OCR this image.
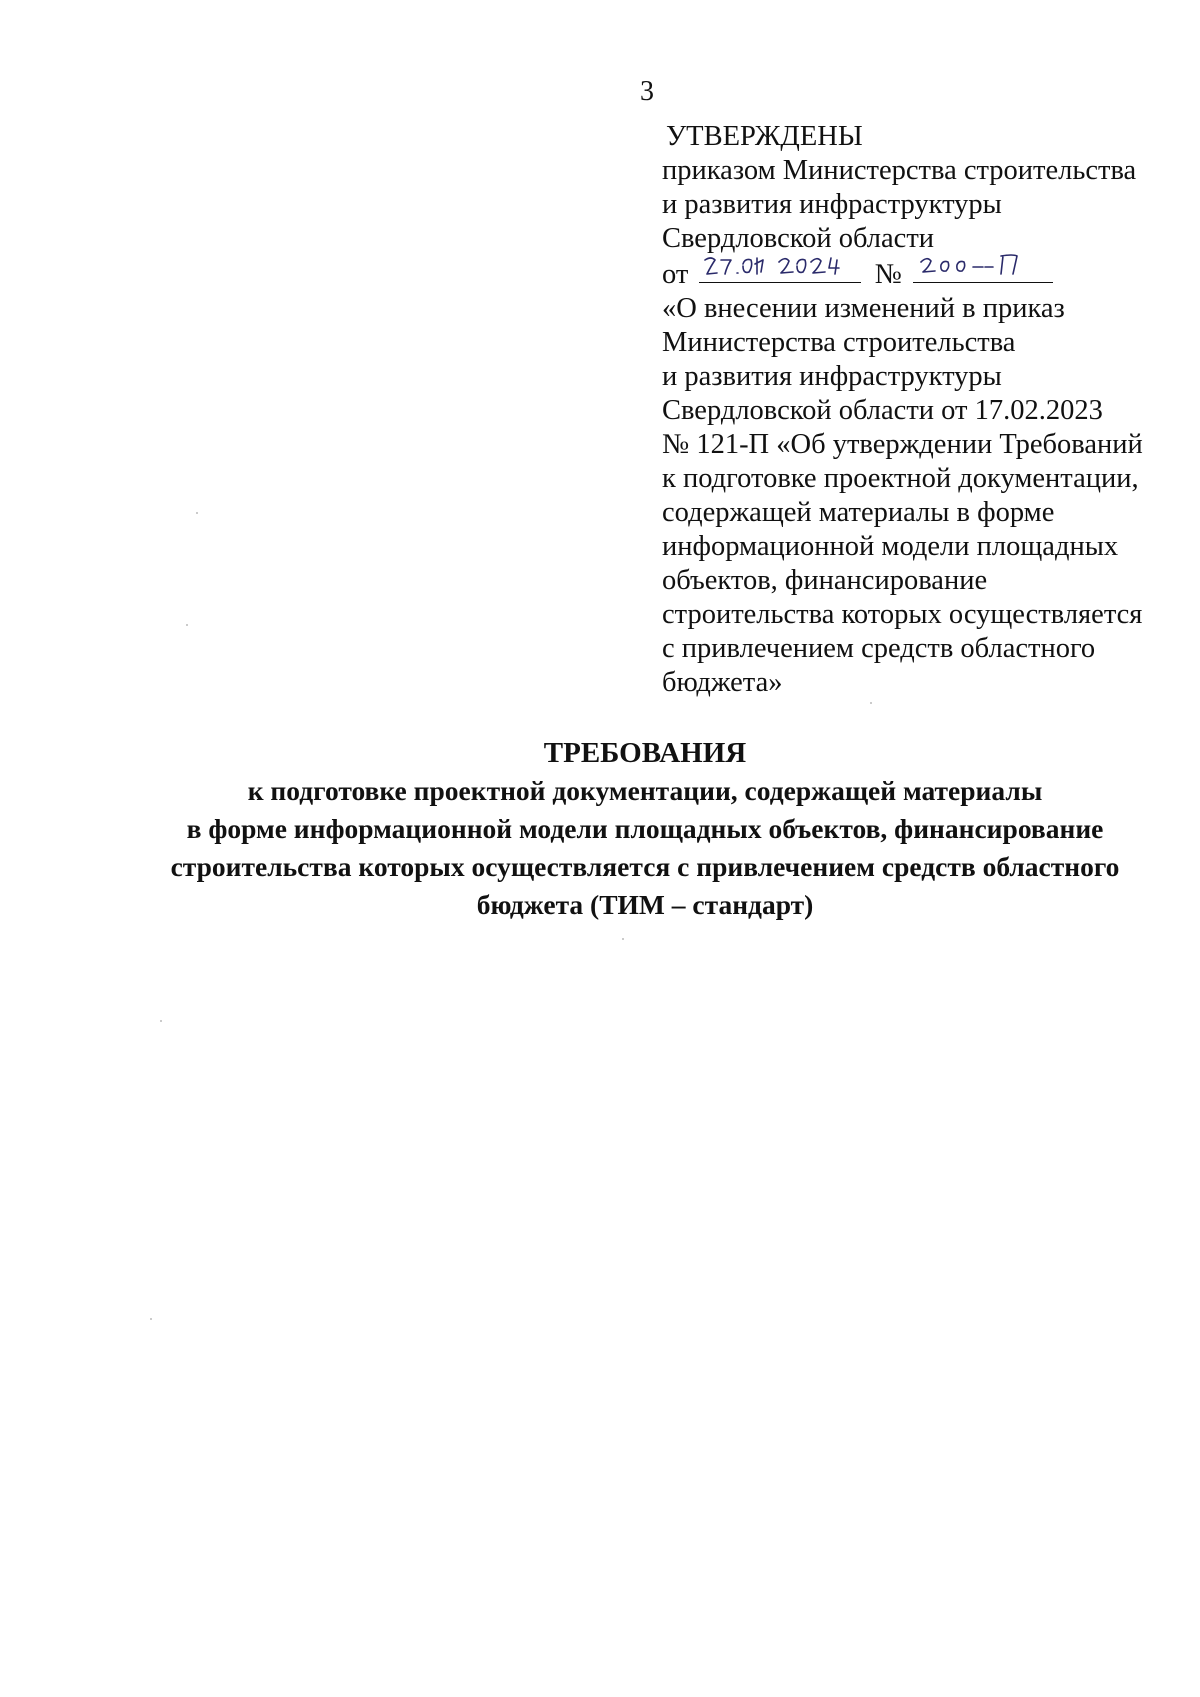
3
УТВЕРЖДЕНЫ
приказом Министерства строительства
и развития инфраструктуры
Свердловской области
от	№
«О внесении изменений в приказ
Министерства строительства
и развития инфраструктуры
Свердловской области от 17.02.2023
№ 121-П «Об утверждении Требований
к подготовке проектной документации,
содержащей материалы в форме
информационной модели площадных
объектов, финансирование
строительства которых осуществляется
с привлечением средств областного
бюджета»
ТРЕБОВАНИЯ
к подготовке проектной документации, содержащей материалы
в форме информационной модели площадных объектов, финансирование
строительства которых осуществляется с привлечением средств областного
бюджета (ТИМ – стандарт)
